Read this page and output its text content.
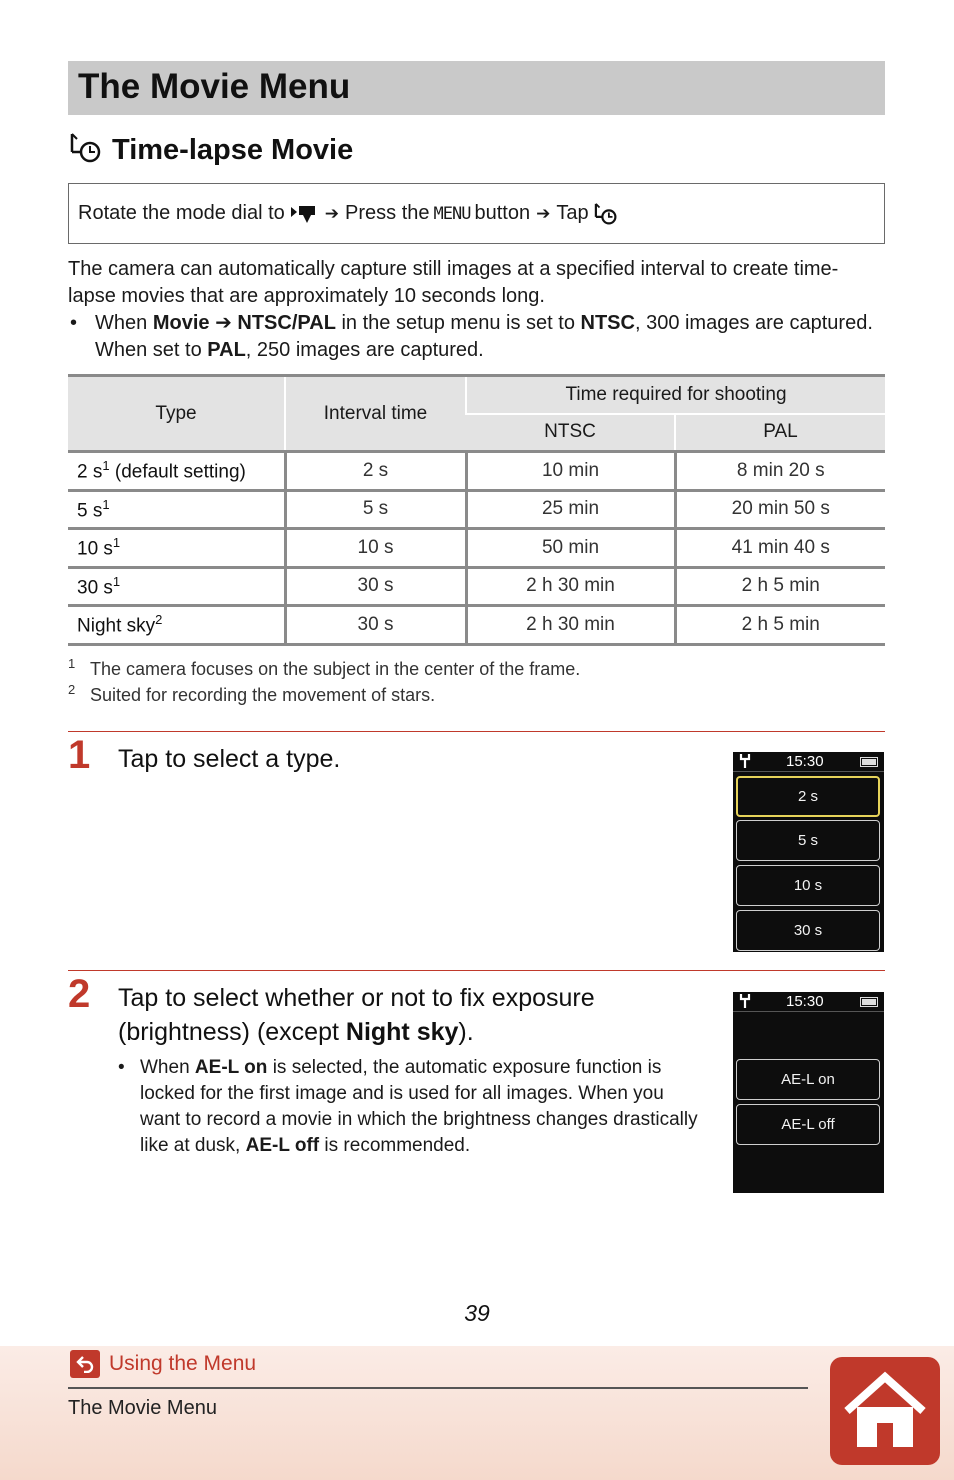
The Movie Menu
Time-lapse Movie
Rotate the mode dial to ➔ Press the MENU button ➔ Tap

The camera can automatically capture still images at a specified interval to create time-lapse movies that are approximately 10 seconds long.

• When Movie ➔ NTSC/PAL in the setup menu is set to NTSC, 300 images are captured. When set to PAL, 250 images are captured.
Type	Interval time	Time required for shooting	
		NTSC	PAL
2 $s^1$ (default setting)	2 s	10 min	8 min 20 s
5 $s^1$	5 s	25 min	20 min 50 s
10 $s^1$	10 s	50 min	41 min 40 s
30 $s^1$	30 s	2 h 30 min	2 h 5 min
Night sky$^2$	30 s	2 h 30 min	2 h 5 min
1 The camera focuses on the subject in the center of the frame.
2 Suited for recording the movement of stars.
1 Tap to select a type.	15:30
2 s
5 s
10 s
30 s
2 Tap to select whether or not to fix exposure (brightness) (except Night sky).
• When AE-L on is selected, the automatic exposure function is locked for the first image and is used for all images. When you want to record a movie in which the brightness changes drastically like at dusk, AE-L off is recommended.
15:30
AE-L on
AE-L off
39
Using the Menu
The Movie Menu
